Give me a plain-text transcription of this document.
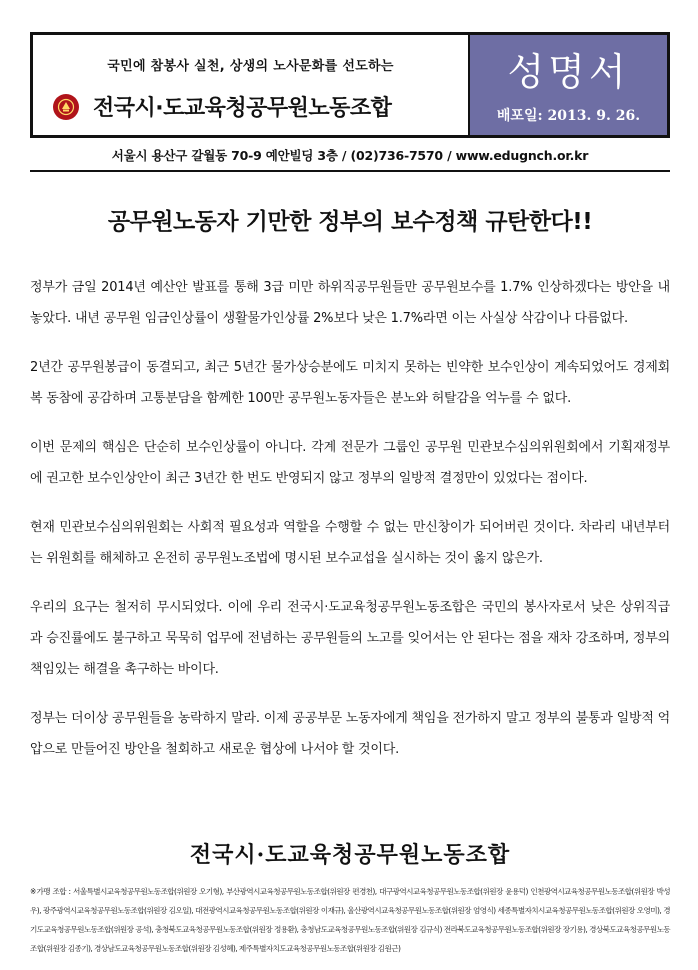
국민에 참봉사 실천, 상생의 노사문화를 선도하는
전국시·도교육청공무원노동조합
성명서
배포일: 2013. 9. 26.
서울시 용산구 갈월동 70-9 예안빌딩 3층 / (02)736-7570 / www.edugnch.or.kr
공무원노동자 기만한 정부의 보수정책 규탄한다!!

정부가 금일 2014년 예산안 발표를 통해 3급 미만 하위직공무원들만 공무원보수를 1.7% 인상하겠다는 방안을 내놓았다. 내년 공무원 임금인상률이 생활물가인상률 2%보다 낮은 1.7%라면 이는 사실상 삭감이나 다름없다.

2년간 공무원봉급이 동결되고, 최근 5년간 물가상승분에도 미치지 못하는 빈약한 보수인상이 계속되었어도 경제회복 동참에 공감하며 고통분담을 함께한 100만 공무원노동자들은 분노와 허탈감을 억누를 수 없다.

이번 문제의 핵심은 단순히 보수인상률이 아니다. 각계 전문가 그룹인 공무원 민관보수심의위원회에서 기획재정부에 권고한 보수인상안이 최근 3년간 한 번도 반영되지 않고 정부의 일방적 결정만이 있었다는 점이다.

현재 민관보수심의위원회는 사회적 필요성과 역할을 수행할 수 없는 만신창이가 되어버린 것이다. 차라리 내년부터는 위원회를 해체하고 온전히 공무원노조법에 명시된 보수교섭을 실시하는 것이 옳지 않은가.

우리의 요구는 철저히 무시되었다. 이에 우리 전국시·도교육청공무원노동조합은 국민의 봉사자로서 낮은 상위직급과 승진률에도 불구하고 묵묵히 업무에 전념하는 공무원들의 노고를 잊어서는 안 된다는 점을 재차 강조하며, 정부의 책임있는 해결을 촉구하는 바이다.

정부는 더이상 공무원들을 농락하지 말라. 이제 공공부문 노동자에게 책임을 전가하지 말고 정부의 불통과 일방적 억압으로 만들어진 방안을 철회하고 새로운 협상에 나서야 할 것이다.

전국시·도교육청공무원노동조합
※가맹 조합 : 서울특별시교육청공무원노동조합(위원장 오기형), 부산광역시교육청공무원노동조합(위원장 편경천), 대구광역시교육청공무원노동조합(위원장 윤용덕) 인천광역시교육청공무원노동조합(위원장 박성우), 광주광역시교육청공무원노동조합(위원장 김오일), 대전광역시교육청공무원노동조합(위원장 이재규), 울산광역시교육청공무원노동조합(위원장 엄영식) 세종특별자치시교육청공무원노동조합(위원장 오영미), 경기도교육청공무원노동조합(위원장 공석), 충청북도교육청공무원노동조합(위원장 정용환), 충청남도교육청공무원노동조합(위원장 김규식) 전라북도교육청공무원노동조합(위원장 장기용), 경상북도교육청공무원노동조합(위원장 김종기), 경상남도교육청공무원노동조합(위원장 김성혜), 제주특별자치도교육청공무원노동조합(위원장 김원근)
